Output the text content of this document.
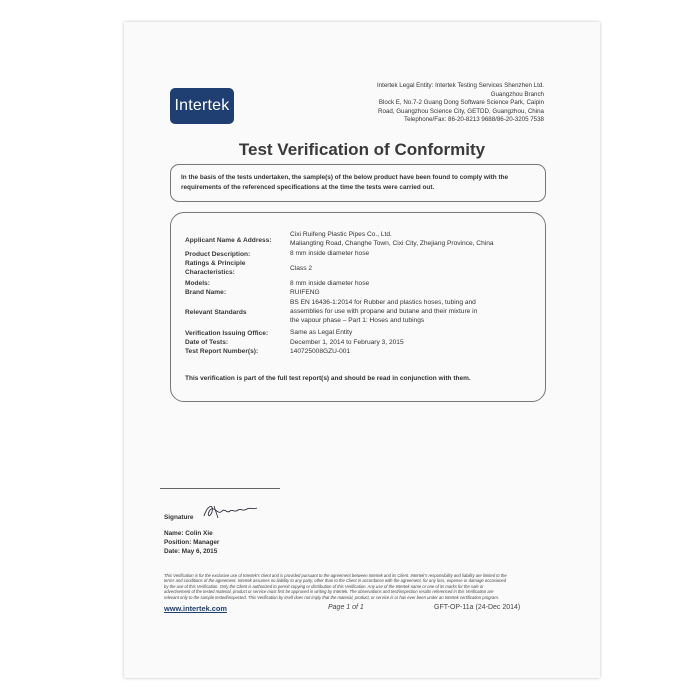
Intertek
Intertek Legal Entity: Intertek Testing Services Shenzhen Ltd.
Guangzhou Branch
Block E, No.7-2 Guang Dong Software Science Park, Caipin
Road, Guangzhou Science City, GETDD, Guangzhou, China
Telephone/Fax: 86-20-8213 9688/86-20-3205 7538
Test Verification of Conformity
In the basis of the tests undertaken, the sample(s) of the below product have been found to comply with the
requirements of the referenced specifications at the time the tests were carried out.
Applicant Name & Address:
Cixi Ruifeng Plastic Pipes Co., Ltd.
Maliangting Road, Changhe Town, Cixi City, Zhejiang Province, China
Product Description:	8 mm inside diameter hose
Ratings & Principle
Characteristics:
Class 2
Models:	8 mm inside diameter hose
Brand Name:	RUIFENG
Relevant Standards
BS EN 16436-1:2014 for Rubber and plastics hoses, tubing and
assemblies for use with propane and butane and their mixture in
the vapour phase – Part 1: Hoses and tubings
Verification Issuing Office:	Same as Legal Entity
Date of Tests:	December 1, 2014 to February 3, 2015
Test Report Number(s):	140725008GZU-001
This verification is part of the full test report(s) and should be read in conjunction with them.
Signature
Name: Colin Xie
Position: Manager
Date: May 6, 2015
This Verification is for the exclusive use of Intertek's client and is provided pursuant to the agreement between Intertek and its Client. Intertek's responsibility and liability are limited to the
terms and conditions of the agreement. Intertek assumes no liability to any party, other than to the Client in accordance with the agreement, for any loss, expense or damage occasioned
by the use of this Verification. Only the Client is authorized to permit copying or distribution of this Verification. Any use of the Intertek name or one of its marks for the sale or
advertisement of the tested material, product or service must first be approved in writing by Intertek. The observations and test/inspection results referenced in this Verification are
relevant only to the sample tested/inspected. This Verification by itself does not imply that the material, product, or service is or has ever been under an Intertek certification program.
www.intertek.com	Page 1 of 1	GFT-OP-11a (24-Dec 2014)
